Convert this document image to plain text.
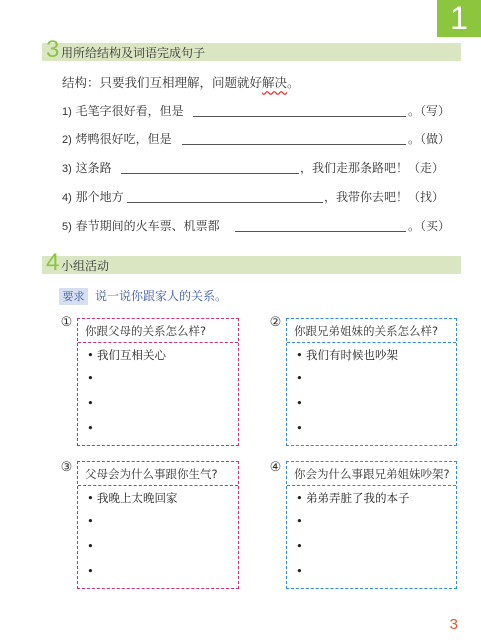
1
3 用所给结构及词语完成句子
结构：只要我们互相理解，问题就好解决。
1) 毛笔字很好看，但是	。（写）
2) 烤鸭很好吃，但是	。（做）
3) 这条路	，我们走那条路吧！（走）
4) 那个地方	，我带你去吧！（找）
5) 春节期间的火车票、机票都	。（买）
4 小组活动
要求 说一说你跟家人的关系。
①
你跟父母的关系怎么样?
• 我们互相关心
•
•
•
②
你跟兄弟姐妹的关系怎么样?
• 我们有时候也吵架
•
•
•
③ 父母会为什么事跟你生气?
• 我晚上太晚回家
•
•
•
④ 你会为什么事跟兄弟姐妹吵架?
• 弟弟弄脏了我的本子
•
•
•
3
